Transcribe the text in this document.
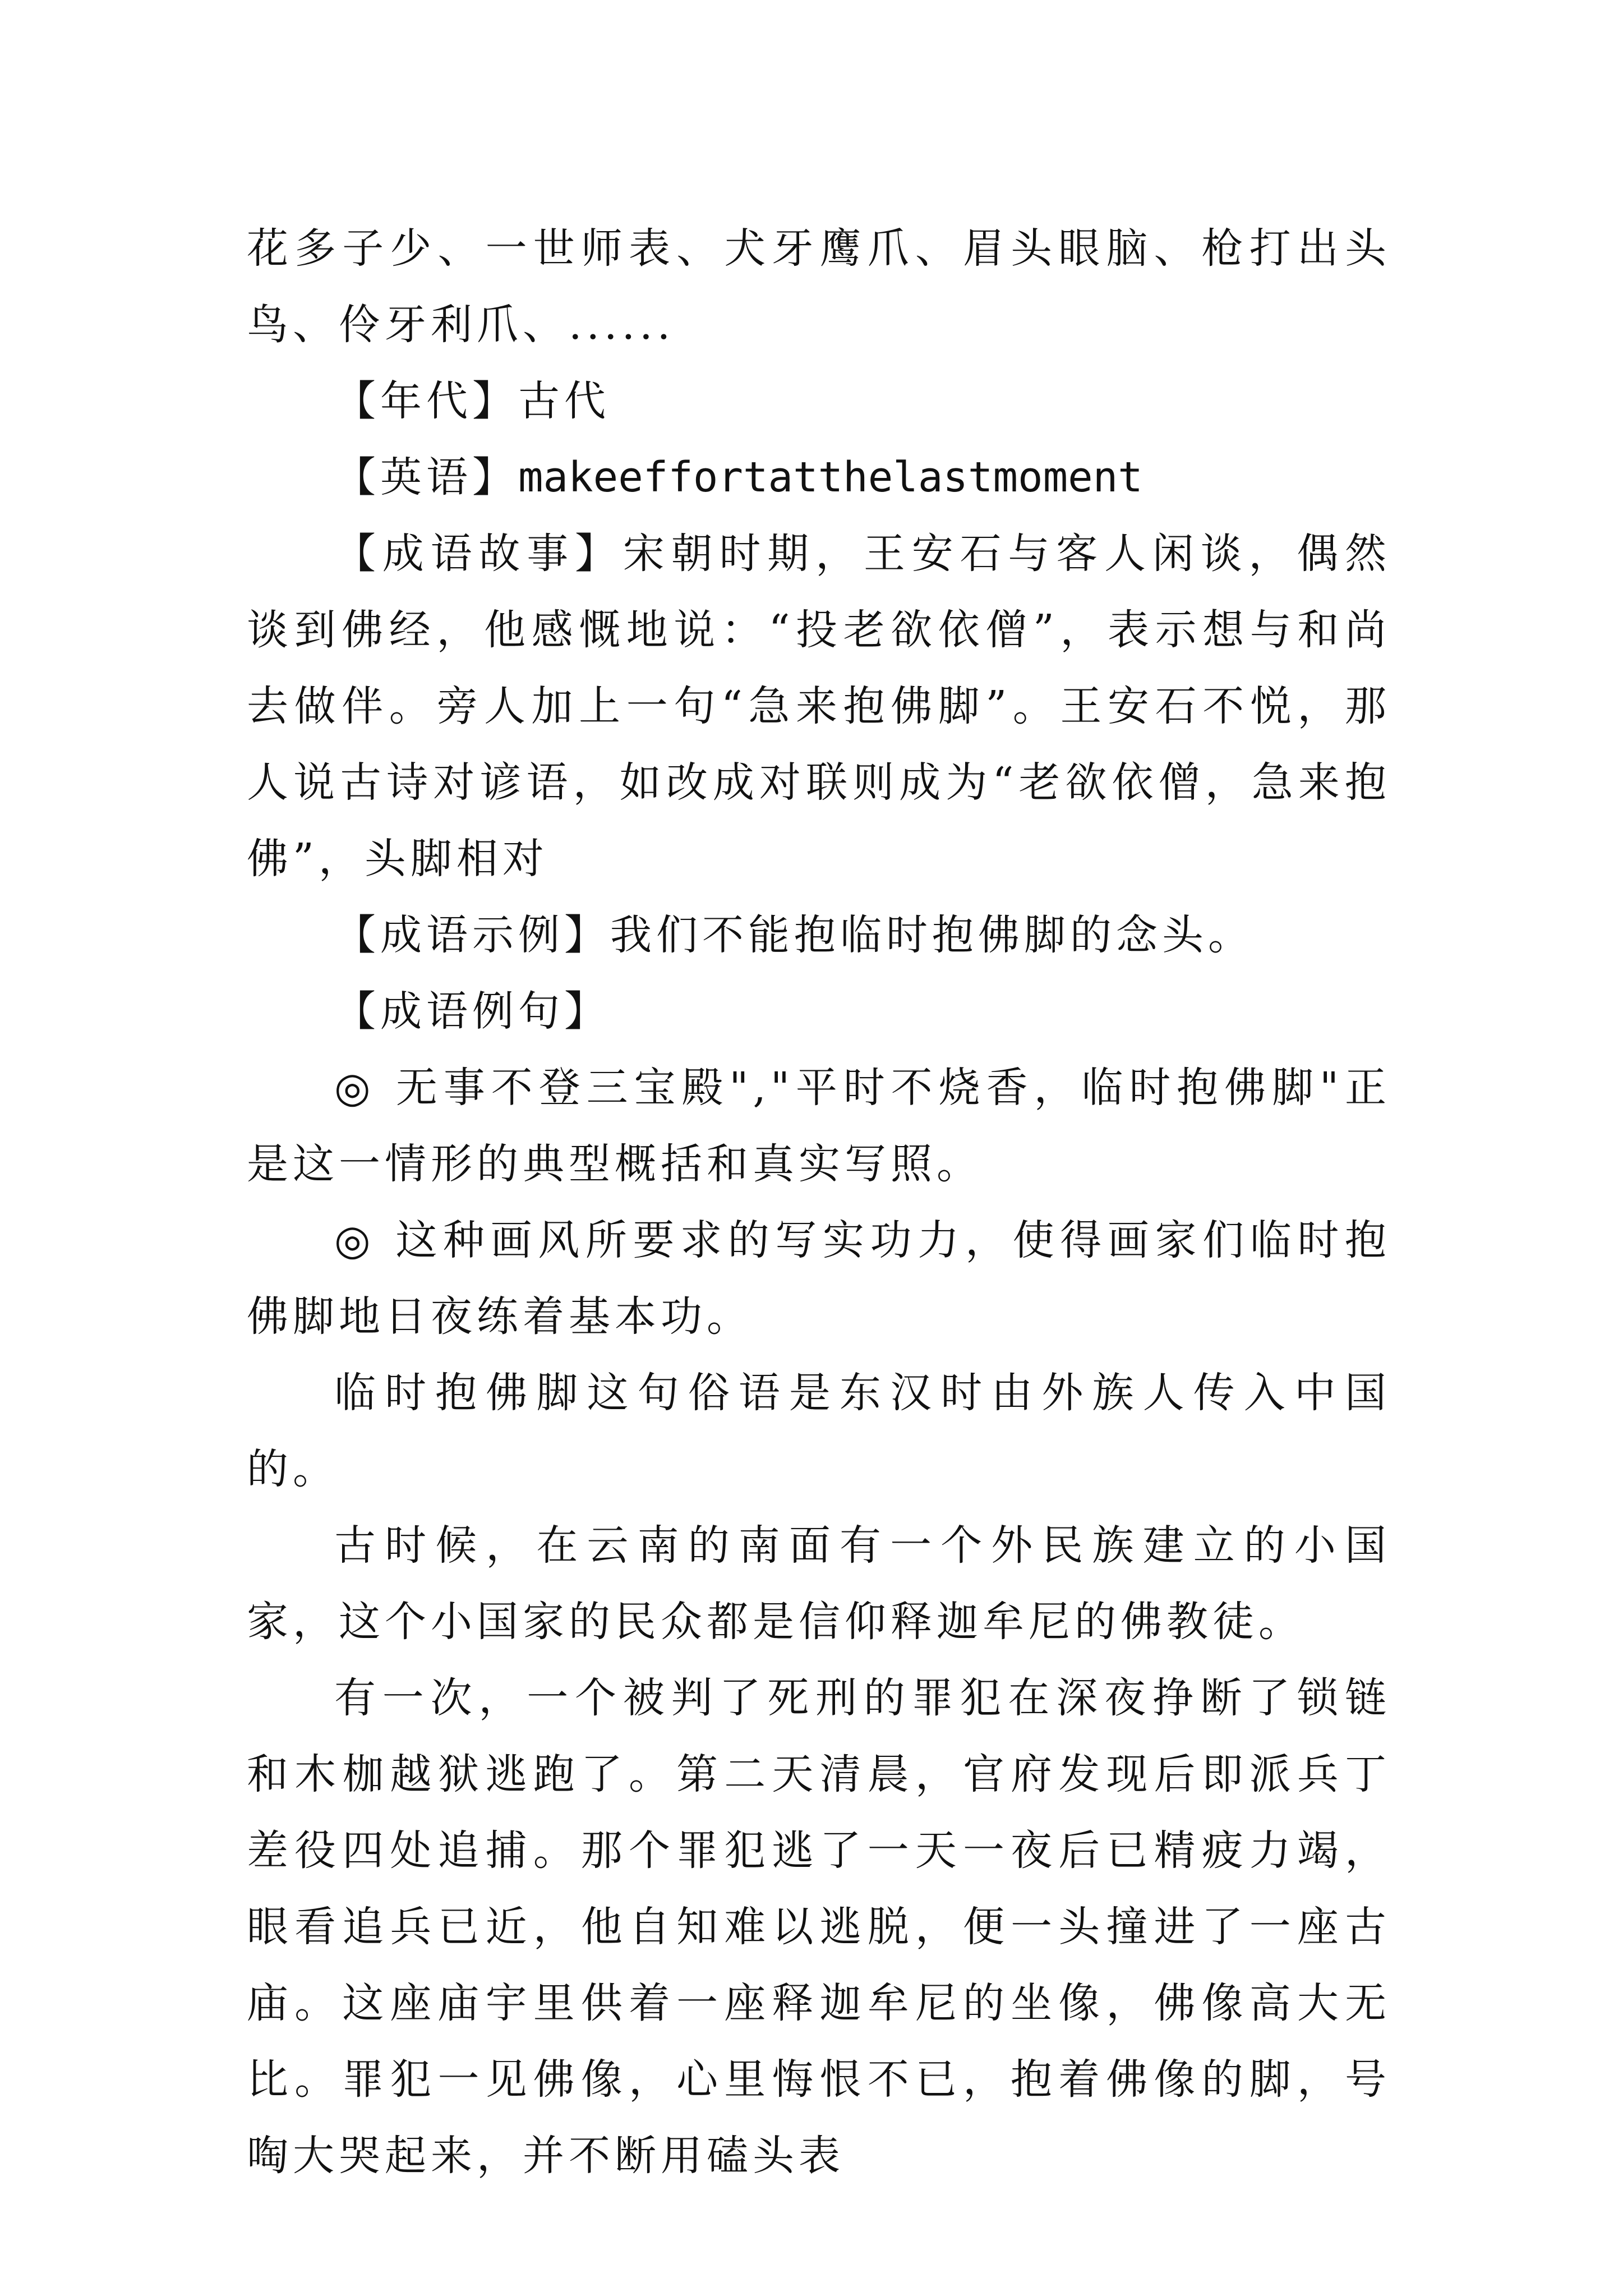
花多子少、一世师表、犬牙鹰爪、眉头眼脑、枪打出头鸟、伶牙利爪、......

【年代】古代

【英语】makeeffortatthelastmoment

【成语故事】宋朝时期，王安石与客人闲谈，偶然谈到佛经，他感慨地说：“投老欲依僧”，表示想与和尚去做伴。旁人加上一句“急来抱佛脚”。王安石不悦，那人说古诗对谚语，如改成对联则成为“老欲依僧，急来抱佛”，头脚相对

【成语示例】我们不能抱临时抱佛脚的念头。

【成语例句】

◎ 无事不登三宝殿","平时不烧香，临时抱佛脚"正是这一情形的典型概括和真实写照。

◎ 这种画风所要求的写实功力，使得画家们临时抱佛脚地日夜练着基本功。

临时抱佛脚这句俗语是东汉时由外族人传入中国的。

古时候，在云南的南面有一个外民族建立的小国家，这个小国家的民众都是信仰释迦牟尼的佛教徒。

有一次，一个被判了死刑的罪犯在深夜挣断了锁链和木枷越狱逃跑了。第二天清晨，官府发现后即派兵丁差役四处追捕。那个罪犯逃了一天一夜后已精疲力竭，眼看追兵已近，他自知难以逃脱，便一头撞进了一座古庙。这座庙宇里供着一座释迦牟尼的坐像，佛像高大无比。罪犯一见佛像，心里悔恨不已，抱着佛像的脚，号啕大哭起来，并不断用磕头表
